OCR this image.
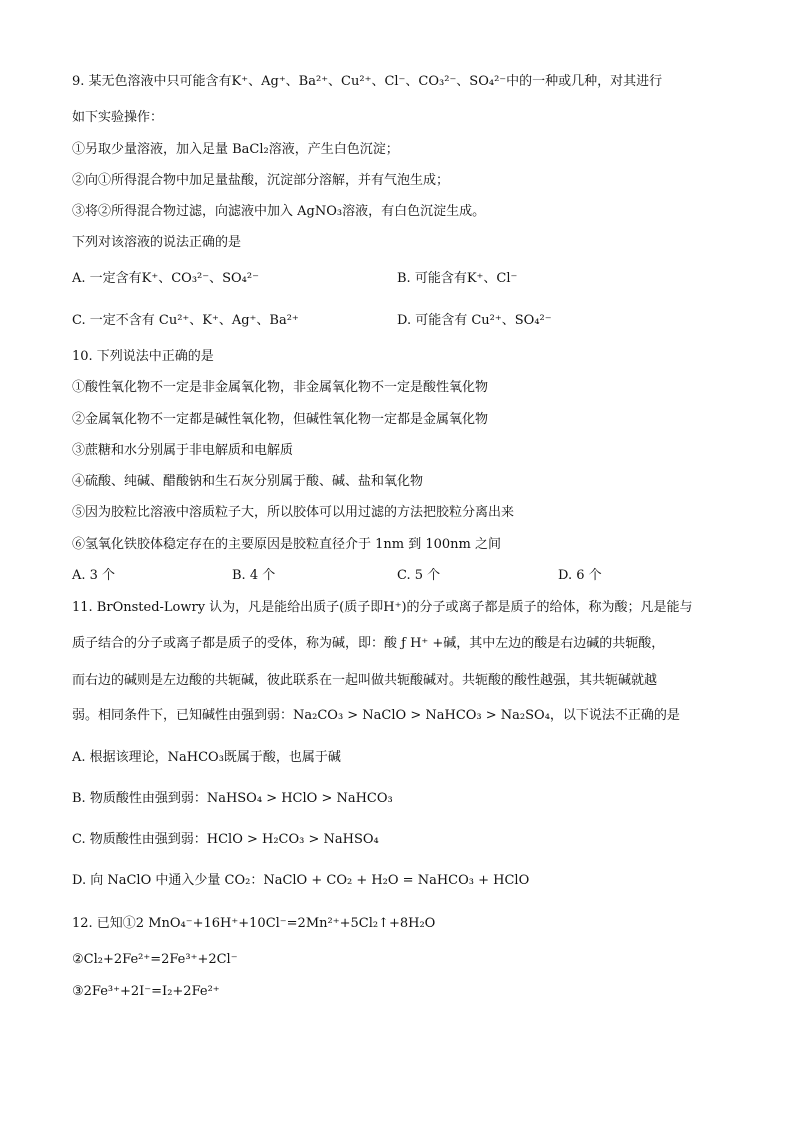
9. 某无色溶液中只可能含有K⁺、Ag⁺、Ba²⁺、Cu²⁺、Cl⁻、CO₃²⁻、SO₄²⁻中的一种或几种，对其进行
如下实验操作：
①另取少量溶液，加入足量 BaCl₂溶液，产生白色沉淀；
②向①所得混合物中加足量盐酸，沉淀部分溶解，并有气泡生成；
③将②所得混合物过滤，向滤液中加入 AgNO₃溶液，有白色沉淀生成。
下列对该溶液的说法正确的是
A. 一定含有K⁺、CO₃²⁻、SO₄²⁻	B. 可能含有K⁺、Cl⁻
C. 一定不含有 Cu²⁺、K⁺、Ag⁺、Ba²⁺	D. 可能含有 Cu²⁺、SO₄²⁻
10. 下列说法中正确的是
①酸性氧化物不一定是非金属氧化物，非金属氧化物不一定是酸性氧化物
②金属氧化物不一定都是碱性氧化物，但碱性氧化物一定都是金属氧化物
③蔗糖和水分别属于非电解质和电解质
④硫酸、纯碱、醋酸钠和生石灰分别属于酸、碱、盐和氧化物
⑤因为胶粒比溶液中溶质粒子大，所以胶体可以用过滤的方法把胶粒分离出来
⑥氢氧化铁胶体稳定存在的主要原因是胶粒直径介于 1nm 到 100nm 之间
A. 3 个	B. 4 个	C. 5 个	D. 6 个
11. BrOnsted-Lowry 认为，凡是能给出质子(质子即H⁺)的分子或离子都是质子的给体，称为酸；凡是能与
质子结合的分子或离子都是质子的受体，称为碱，即：酸 ƒ H⁺ +碱，其中左边的酸是右边碱的共轭酸，
而右边的碱则是左边酸的共轭碱，彼此联系在一起叫做共轭酸碱对。共轭酸的酸性越强，其共轭碱就越
弱。相同条件下，已知碱性由强到弱：Na₂CO₃ > NaClO > NaHCO₃ > Na₂SO₄，以下说法不正确的是
A. 根据该理论，NaHCO₃既属于酸，也属于碱
B. 物质酸性由强到弱：NaHSO₄ > HClO > NaHCO₃
C. 物质酸性由强到弱：HClO > H₂CO₃ > NaHSO₄
D. 向 NaClO 中通入少量 CO₂：NaClO + CO₂ + H₂O = NaHCO₃ + HClO
12. 已知①2 MnO₄⁻+16H⁺+10Cl⁻=2Mn²⁺+5Cl₂↑+8H₂O
②Cl₂+2Fe²⁺=2Fe³⁺+2Cl⁻
③2Fe³⁺+2I⁻=I₂+2Fe²⁺
